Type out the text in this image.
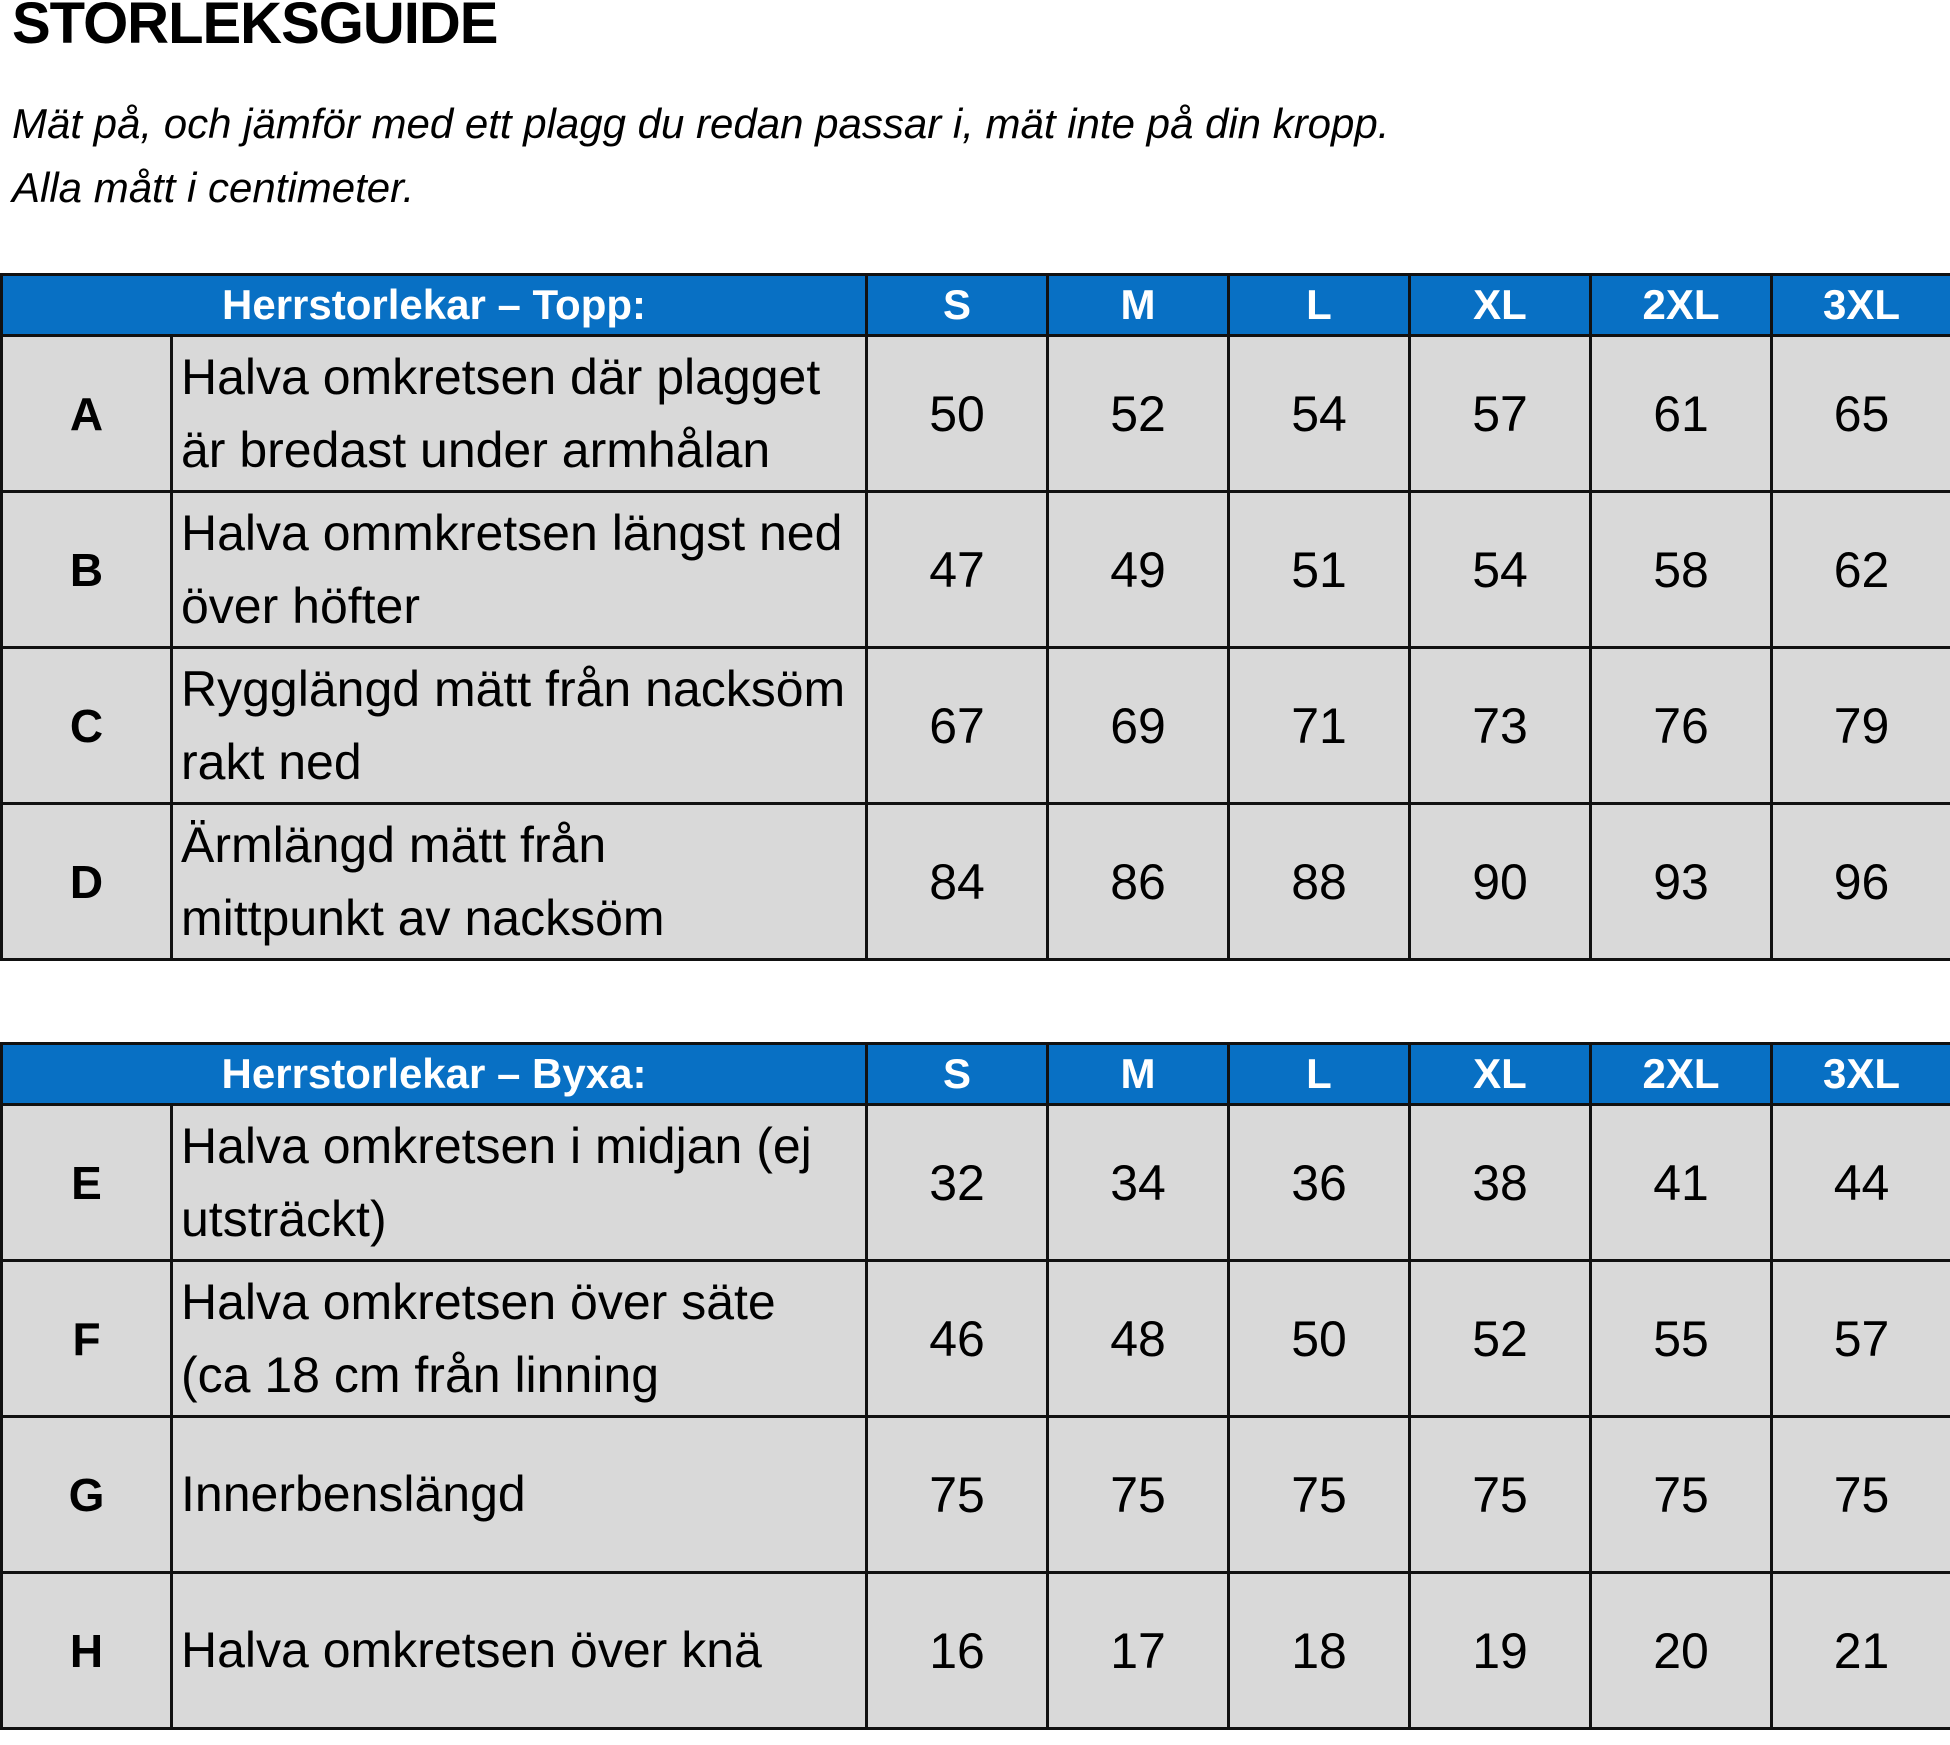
STORLEKSGUIDE
Mät på, och jämför med ett plagg du redan passar i, mät inte på din kropp.
Alla mått i centimeter.
Herrstorlekar – Topp:		S	M	L	XL	2XL	3XL
A	Halva omkretsen där plagget
är bredast under armhålan	50	52	54	57	61	65
B	Halva ommkretsen längst ned
över höfter	47	49	51	54	58	62
C	Rygglängd mätt från nacksöm
rakt ned	67	69	71	73	76	79
D	Ärmlängd mätt från
mittpunkt av nacksöm	84	86	88	90	93	96
Herrstorlekar – Byxa:		S	M	L	XL	2XL	3XL
E	Halva omkretsen i midjan (ej
utsträckt)	32	34	36	38	41	44
F	Halva omkretsen över säte
(ca 18 cm från linning	46	48	50	52	55	57
G	Innerbenslängd	75	75	75	75	75	75
H	Halva omkretsen över knä	16	17	18	19	20	21
